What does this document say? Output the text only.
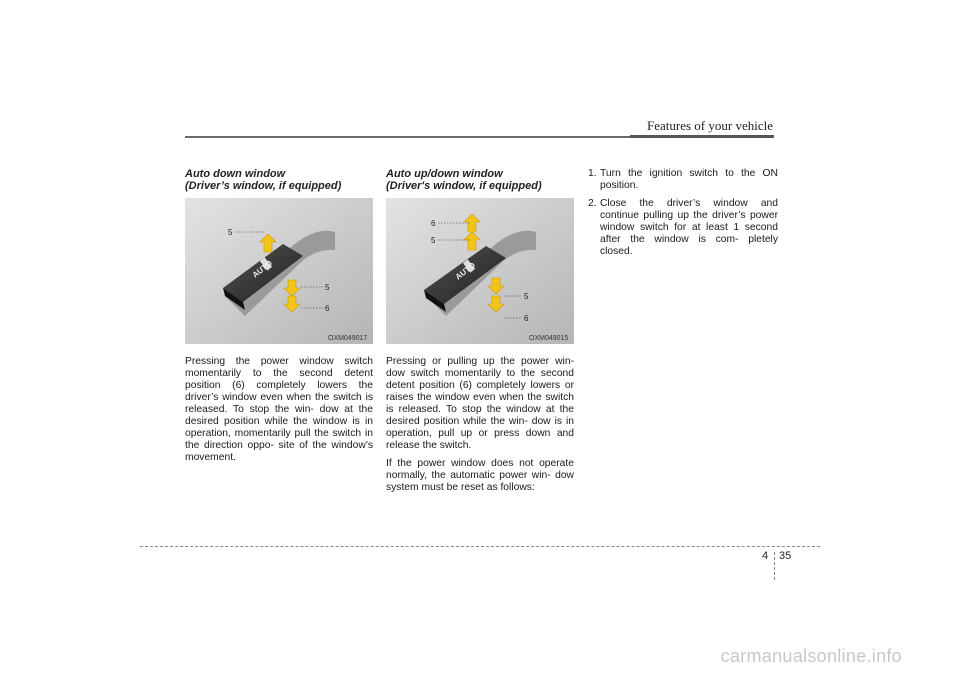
Features of your vehicle
Auto down window
(Driver’s window, if equipped)
AUTO
5
5
6
Pressing the power window switch momentarily to the second detent position (6) completely lowers the driver’s window even when the switch is released. To stop the win- dow at the desired position while the window is in operation, momentarily pull the switch in the direction oppo- site of the window’s movement.
OXM049017
Auto up/down window
(Driver's window, if equipped)
AUTO
6
5
5
6
Pressing or pulling up the power win- dow switch momentarily to the second detent position (6) completely lowers or raises the window even when the switch is released. To stop the window at the desired position while the win- dow is in operation, pull up or press down and release the switch.
If the power window does not operate normally, the automatic power win- dow system must be reset as follows:
OXM049015
1. Turn the ignition switch to the ON position.
2. Close the driver’s window and continue pulling up the driver’s power window switch for at least 1 second after the window is com- pletely closed.
4 35
carmanualsonline.info
